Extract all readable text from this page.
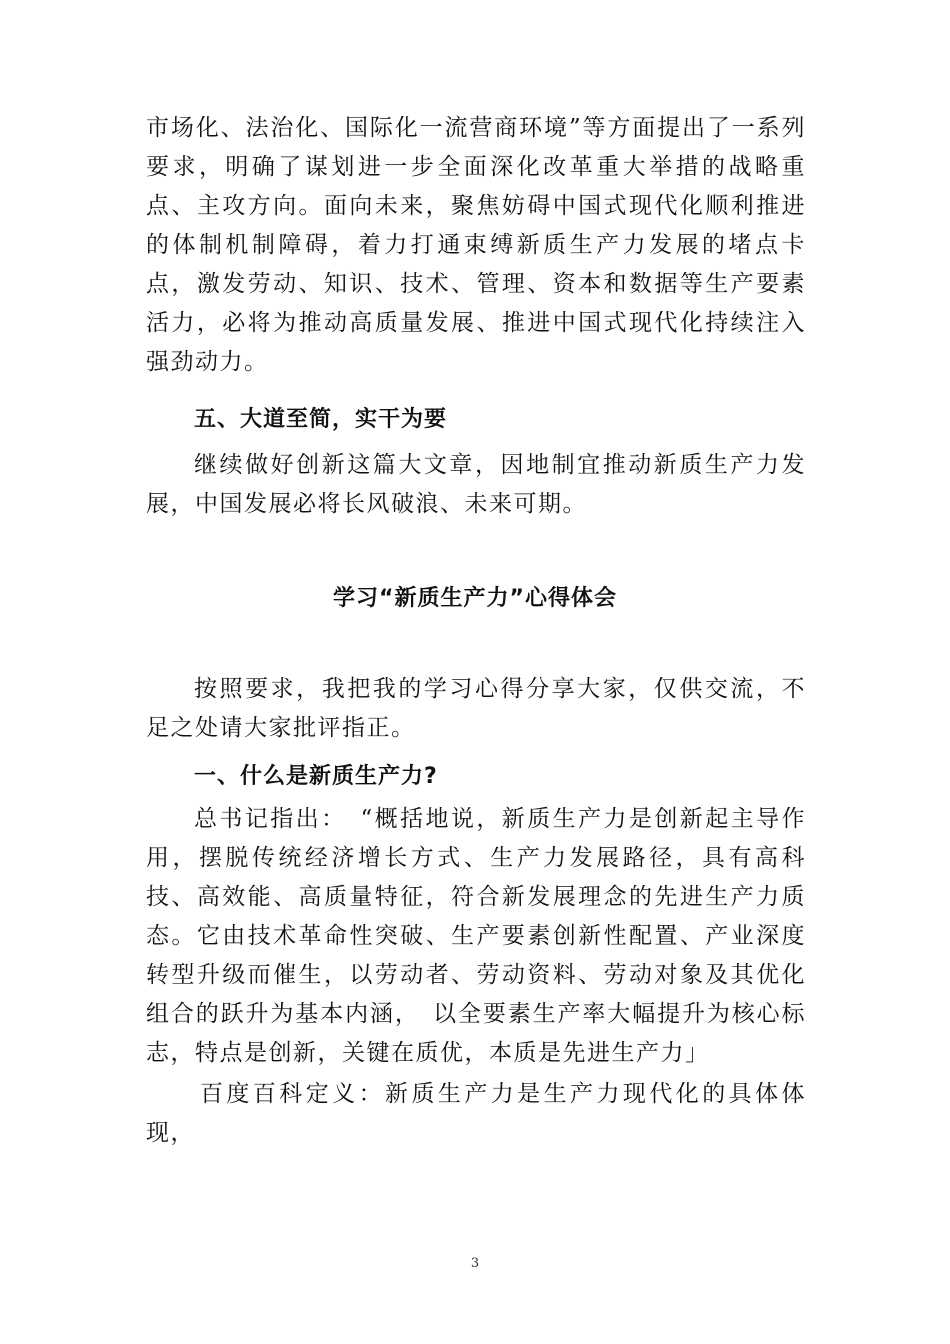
市场化、法治化、国际化一流营商环境”等方面提出了一系列要求，明确了谋划进一步全面深化改革重大举措的战略重点、主攻方向。面向未来，聚焦妨碍中国式现代化顺利推进的体制机制障碍，着力打通束缚新质生产力发展的堵点卡点，激发劳动、知识、技术、管理、资本和数据等生产要素活力，必将为推动高质量发展、推进中国式现代化持续注入强劲动力。

五、大道至简，实干为要

继续做好创新这篇大文章，因地制宜推动新质生产力发展，中国发展必将长风破浪、未来可期。

学习“新质生产力”心得体会

按照要求，我把我的学习心得分享大家，仅供交流，不足之处请大家批评指正。

一、什么是新质生产力?

总书记指出：　“概括地说，新质生产力是创新起主导作用，摆脱传统经济增长方式、生产力发展路径，具有高科技、高效能、高质量特征，符合新发展理念的先进生产力质态。它由技术革命性突破、生产要素创新性配置、产业深度转型升级而催生，以劳动者、劳动资料、劳动对象及其优化组合的跃升为基本内涵，　以全要素生产率大幅提升为核心标志，特点是创新，关键在质优，本质是先进生产力」

百度百科定义：新质生产力是生产力现代化的具体体现，

3
